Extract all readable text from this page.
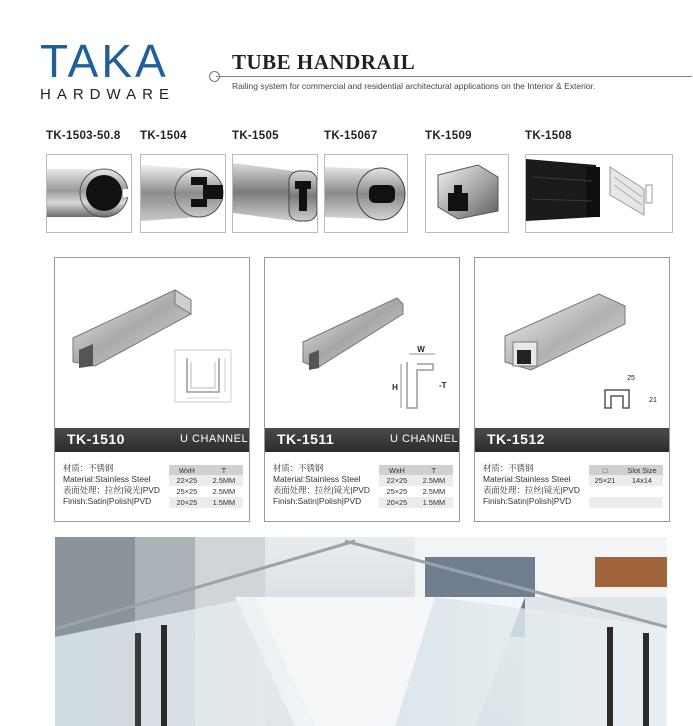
TAKA
HARDWARE
TUBE HANDRAIL
Railing system for commercial and residential architectural applications on the Interior & Exterior.
TK-1503-50.8 TK-1504	TK-1505	TK-15067	TK-1509	TK-1508
TK-1510	U CHANNEL
材质：不锈钢
Material:Stainless Steel
表面处理：拉丝|镜光|PVD
Finish:Satin|Polish|PVD
WxH	T
22×25	2.5MM
25×25	2.5MM
20×25	1.5MM
W
H	-T
TK-1511	U CHANNEL
材质：不锈钢
Material:Stainless Steel
表面处理：拉丝|镜光|PVD
Finish:Satin|Polish|PVD
WxH	T
22×25	2.5MM
25×25	2.5MM
20×25	1.5MM
25
21
TK-1512
材质：不锈钢
Material:Stainless Steel
表面处理：拉丝|镜光|PVD
Finish:Satin|Polish|PVD
□	Slot Size
25×21	14x14
